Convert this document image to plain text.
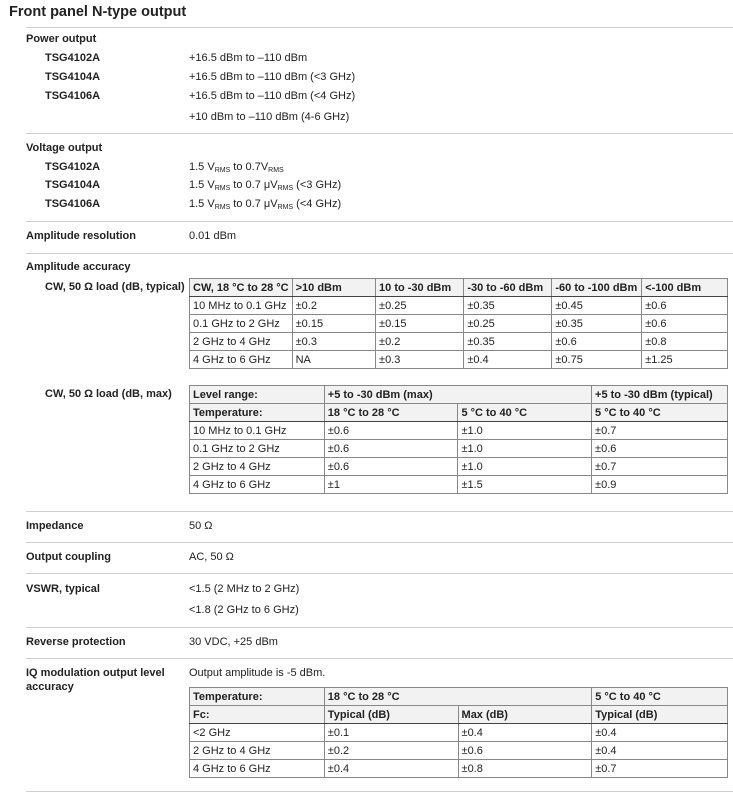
Front panel N-type output
Power output
TSG4102A	+16.5 dBm to –110 dBm
TSG4104A	+16.5 dBm to –110 dBm (<3 GHz)
TSG4106A	+16.5 dBm to –110 dBm (<4 GHz)
+10 dBm to –110 dBm (4-6 GHz)
Voltage output
TSG4102A	1.5 $V_{RMS}$ to $0.7V_{RMS}$
TSG4104A	1.5 $V_{RMS}$ to 0.7 $\mu V_{RMS}$ (<3 GHz)
TSG4106A	1.5 $V_{RMS}$ to 0.7 $\mu V_{RMS}$ (<4 GHz)
Amplitude resolution	0.01 dBm
Amplitude accuracy
CW, 50 Ω load (dB, typical) CW, 18 °C to 28 °C	>10 dBm	10 to -30 dBm	-30 to -60 dBm	-60 to -100 dBm	<-100 dBm
10 MHz to 0.1 GHz	±0.2	±0.25	±0.35	±0.45	±0.6
0.1 GHz to 2 GHz	±0.15	±0.15	±0.25	±0.35	±0.6
2 GHz to 4 GHz	±0.3	±0.2	±0.35	±0.6	±0.8
4 GHz to 6 GHz	NA	±0.3	±0.4	±0.75	±1.25
CW, 50 Ω load (dB, max) Level range:	+5 to -30 dBm (max)		+5 to -30 dBm (typical)
Temperature:	18 °C to 28 °C	5 °C to 40 °C	5 °C to 40 °C
10 MHz to 0.1 GHz	±0.6	±1.0	±0.7
0.1 GHz to 2 GHz	±0.6	±1.0	±0.6
2 GHz to 4 GHz	±0.6	±1.0	±0.7
4 GHz to 6 GHz	±1	±1.5	±0.9
Impedance	50 Ω
Output coupling	AC, 50 Ω
VSWR, typical	<1.5 (2 MHz to 2 GHz)
<1.8 (2 GHz to 6 GHz)
Reverse protection	30 VDC, +25 dBm
IQ modulation output level
accuracy
Output amplitude is -5 dBm.
Temperature:	18 °C to 28 °C		5 °C to 40 °C
Fc:	Typical (dB)	Max (dB)	Typical (dB)
<2 GHz	±0.1	±0.4	±0.4
2 GHz to 4 GHz	±0.2	±0.6	±0.4
4 GHz to 6 GHz	±0.4	±0.8	±0.7
